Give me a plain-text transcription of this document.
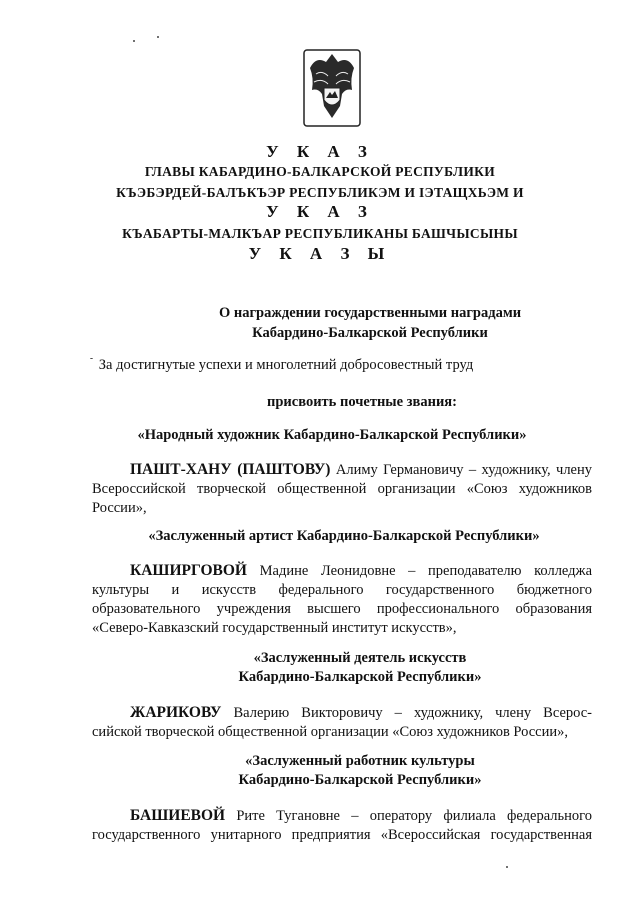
У К А З
ГЛАВЫ КАБАРДИНО-БАЛКАРСКОЙ РЕСПУБЛИКИ
КЪЭБЭРДЕЙ-БАЛЪКЪЭР РЕСПУБЛИКЭМ И ІЭТАЩХЬЭМ И
У К А З
КЪАБАРТЫ-МАЛКЪАР РЕСПУБЛИКАНЫ БАШЧЫСЫНЫ
У К А З Ы
О награждении государственными наградами
Кабардино-Балкарской Республики
За достигнутые успехи и многолетний добросовестный труд
присвоить почетные звания:
«Народный художник Кабардино-Балкарской Республики»
ПАШТ-ХАНУ (ПАШТОВУ) Алиму Германовичу – художнику, члену
Всероссийской творческой общественной организации «Союз художников
России»,
«Заслуженный артист Кабардино-Балкарской Республики»
КАШИРГОВОЙ Мадине Леонидовне – преподавателю колледжа
культуры и искусств федерального государственного бюджетного
образовательного учреждения высшего профессионального образования
«Северо-Кавказский государственный институт искусств»,
«Заслуженный деятель искусств
Кабардино-Балкарской Республики»
ЖАРИКОВУ Валерию Викторовичу – художнику, члену Всерос-
сийской творческой общественной организации «Союз художников России»,
«Заслуженный работник культуры
Кабардино-Балкарской Республики»
БАШИЕВОЙ Рите Тугановне – оператору филиала федерального
государственного унитарного предприятия «Всероссийская государственная
